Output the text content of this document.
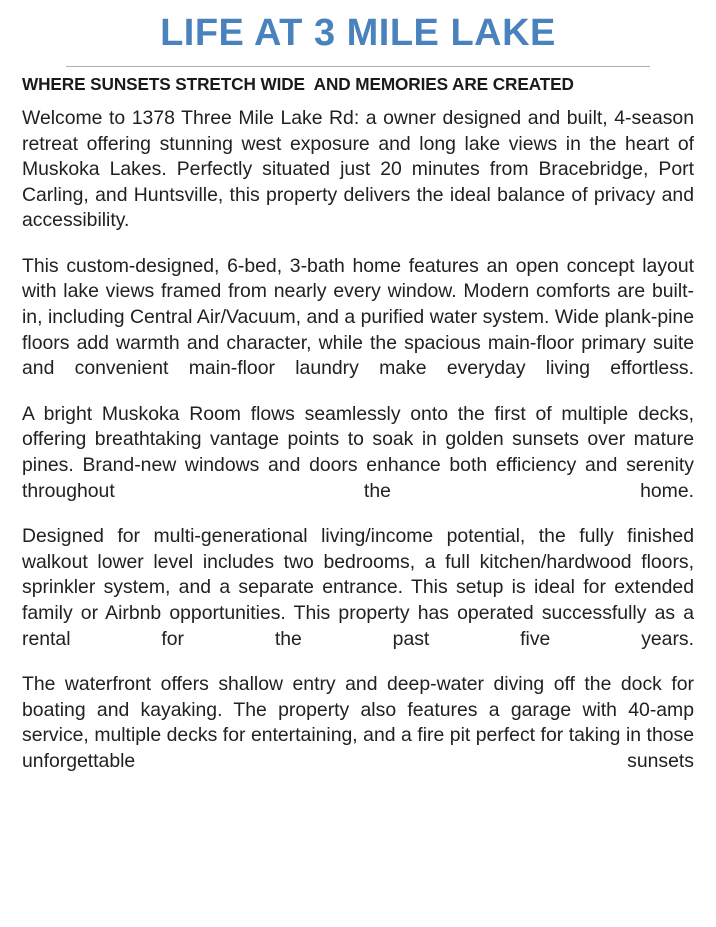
LIFE AT 3 MILE LAKE
WHERE SUNSETS STRETCH WIDE  AND MEMORIES ARE CREATED

Welcome to 1378 Three Mile Lake Rd: a owner designed and built, 4-season retreat offering stunning west exposure and long lake views in the heart of Muskoka Lakes. Perfectly situated just 20 minutes from Bracebridge, Port Carling, and Huntsville, this property delivers the ideal balance of privacy and accessibility.

This custom-designed, 6-bed, 3-bath home features an open concept layout with lake views framed from nearly every window. Modern comforts are built-in, including Central Air/Vacuum, and a purified water system. Wide plank-pine floors add warmth and character, while the spacious main-floor primary suite and convenient main-floor laundry make everyday living effortless.

A bright Muskoka Room flows seamlessly onto the first of multiple decks, offering breathtaking vantage points to soak in golden sunsets over mature pines. Brand-new windows and doors enhance both efficiency and serenity throughout the home.

Designed for multi-generational living/income potential, the fully finished walkout lower level includes two bedrooms, a full kitchen/hardwood floors, sprinkler system, and a separate entrance. This setup is ideal for extended family or Airbnb opportunities. This property has operated successfully as a rental for the past five years.

The waterfront offers shallow entry and deep-water diving off the dock for boating and kayaking. The property also features a garage with 40-amp service, multiple decks for entertaining, and a fire pit perfect for taking in those unforgettable sunsets
